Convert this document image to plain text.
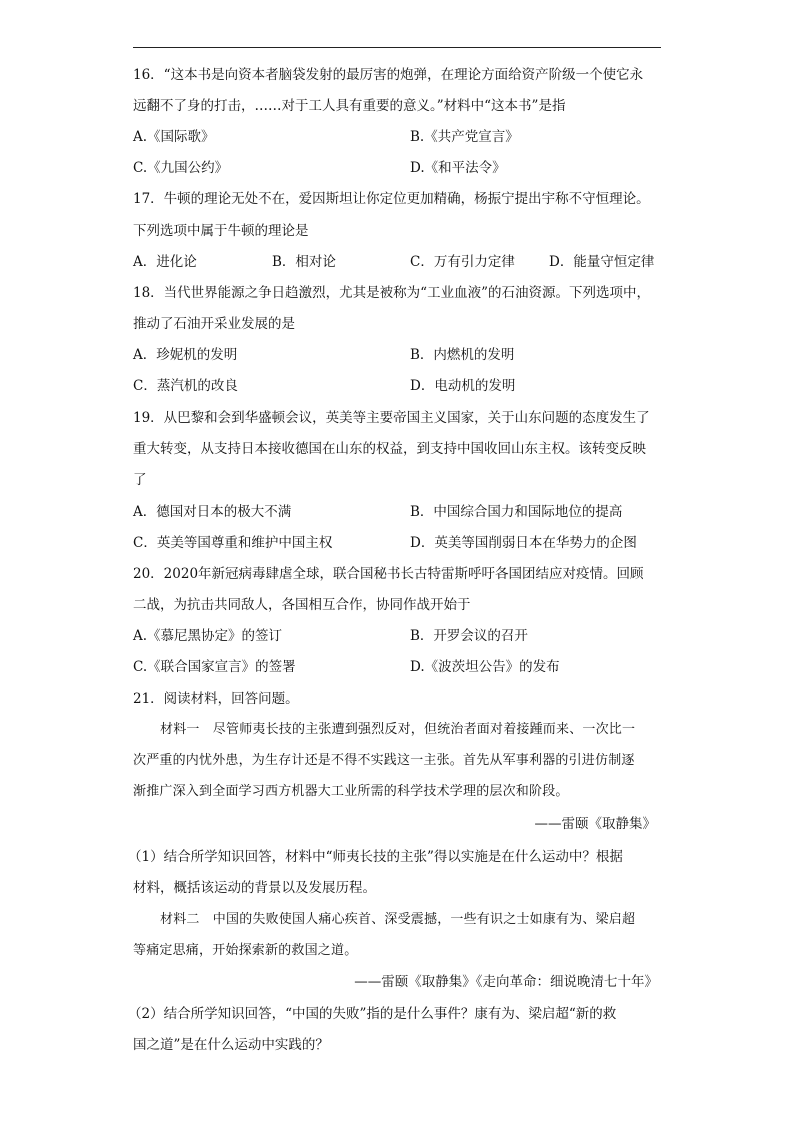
16．“这本书是向资本者脑袋发射的最厉害的炮弹，在理论方面给资产阶级一个使它永
远翻不了身的打击，……对于工人具有重要的意义。”材料中“这本书”是指
A.《国际歌》	B.《共产党宣言》
C.《九国公约》	D.《和平法令》
17．牛顿的理论无处不在，爱因斯坦让你定位更加精确，杨振宁提出宇称不守恒理论。
下列选项中属于牛顿的理论是
A．进化论	B．相对论	C．万有引力定律	D．能量守恒定律
18．当代世界能源之争日趋激烈，尤其是被称为“工业血液”的石油资源。下列选项中，
推动了石油开采业发展的是
A．珍妮机的发明	B．内燃机的发明
C．蒸汽机的改良	D．电动机的发明
19．从巴黎和会到华盛顿会议，英美等主要帝国主义国家，关于山东问题的态度发生了
重大转变，从支持日本接收德国在山东的权益，到支持中国收回山东主权。该转变反映
了
A．德国对日本的极大不满	B．中国综合国力和国际地位的提高
C．英美等国尊重和维护中国主权	D．英美等国削弱日本在华势力的企图
20．2020年新冠病毒肆虐全球，联合国秘书长古特雷斯呼吁各国团结应对疫情。回顾
二战，为抗击共同敌人，各国相互合作，协同作战开始于
A.《慕尼黑协定》的签订	B．开罗会议的召开
C.《联合国家宣言》的签署	D.《波茨坦公告》的发布
21．阅读材料，回答问题。
材料一　尽管师夷长技的主张遭到强烈反对，但统治者面对着接踵而来、一次比一
次严重的内忧外患，为生存计还是不得不实践这一主张。首先从军事利器的引进仿制逐
渐推广深入到全面学习西方机器大工业所需的科学技术学理的层次和阶段。
——雷颐《取静集》
（1）结合所学知识回答，材料中“师夷长技的主张”得以实施是在什么运动中？根据
材料，概括该运动的背景以及发展历程。
材料二　中国的失败使国人痛心疾首、深受震撼，一些有识之士如康有为、梁启超
等痛定思痛，开始探索新的救国之道。
——雷颐《取静集》《走向革命：细说晚清七十年》
（2）结合所学知识回答，“中国的失败”指的是什么事件？康有为、梁启超“新的救
国之道”是在什么运动中实践的？
